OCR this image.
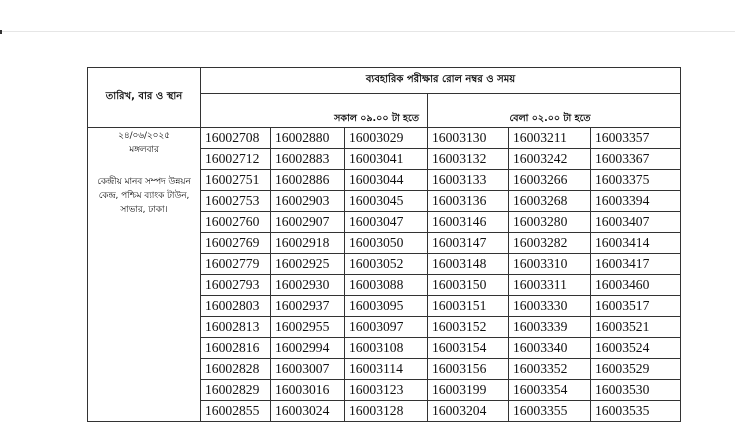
তারিখ, বার ও স্থান	ব্যবহারিক পরীক্ষার রোল নম্বর ও সময়					

সকাল ০৯.০০ টা হতে			বেলা ০২.০০ টা হতে		

২৪/০৬/২০২৫
মঙ্গলবার
কেন্দ্রীয় মানব সম্পদ উন্নয়ন কেন্দ্র, পশ্চিম ব্যাংক টাউন, সাভার, ঢাকা।	16002708	16002880	16003029	16003130	16003211	16003357
	16002712	16002883	16003041	16003132	16003242	16003367
	16002751	16002886	16003044	16003133	16003266	16003375
	16002753	16002903	16003045	16003136	16003268	16003394
	16002760	16002907	16003047	16003146	16003280	16003407
	16002769	16002918	16003050	16003147	16003282	16003414
	16002779	16002925	16003052	16003148	16003310	16003417
	16002793	16002930	16003088	16003150	16003311	16003460
	16002803	16002937	16003095	16003151	16003330	16003517
	16002813	16002955	16003097	16003152	16003339	16003521
	16002816	16002994	16003108	16003154	16003340	16003524
	16002828	16003007	16003114	16003156	16003352	16003529
	16002829	16003016	16003123	16003199	16003354	16003530
	16002855	16003024	16003128	16003204	16003355	16003535
